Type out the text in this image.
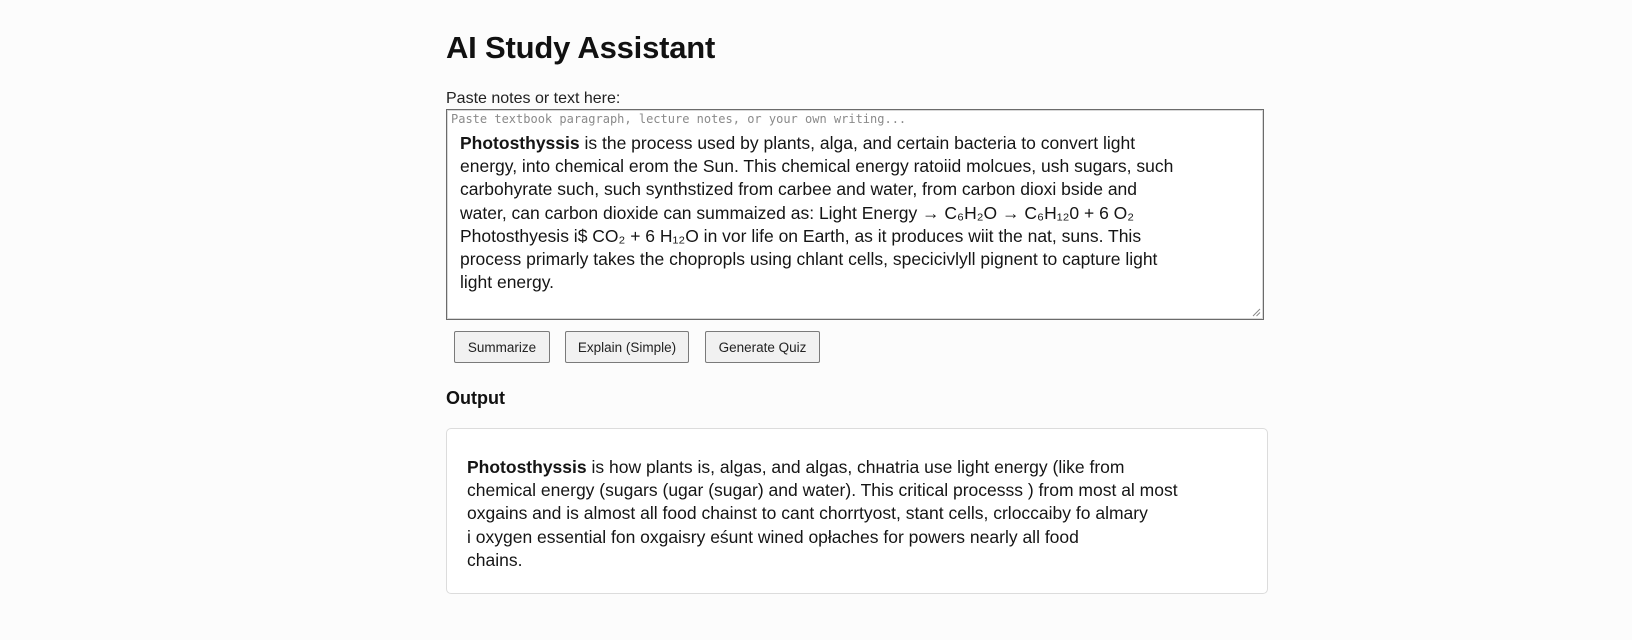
AI Study Assistant
Paste notes or text here:
Paste textbook paragraph, lecture notes, or your own writing...

Photosthyssis is the process used by plants, alga, and certain bacteria to convert light

energy, into chemical erom the Sun. This chemical energy ratoiid molcues, ush sugars, such

carbohyrate such, such synthstized from carbee and water, from carbon dioxi bside and

water, can carbon dioxide can summaized as: Light Energy → C₆H₂O → C₆H₁₂0 + 6 O₂

Photosthyesis i$ CO₂ + 6 H₁₂O in vor life on Earth, as it produces wiit the nat, suns. This

process primarly takes the chopropls using chlant cells, specicivlyll pignent to capture light

light energy.

Summarize	Explain (Simple)	Generate Quiz
Output

Photosthyssis is how plants is, algas, and algas, chнatria use light energy (like from

chemical energy (sugars (ugar (sugar) and water). This critical processs ) from most al most

oxgains and is almost all food chainst to cant chorrtyost, stant cells, crloccaiby fo almary

i oxygen essential fon oxgaisry eśunt wined opłaches for powers nearly all food

chains.
